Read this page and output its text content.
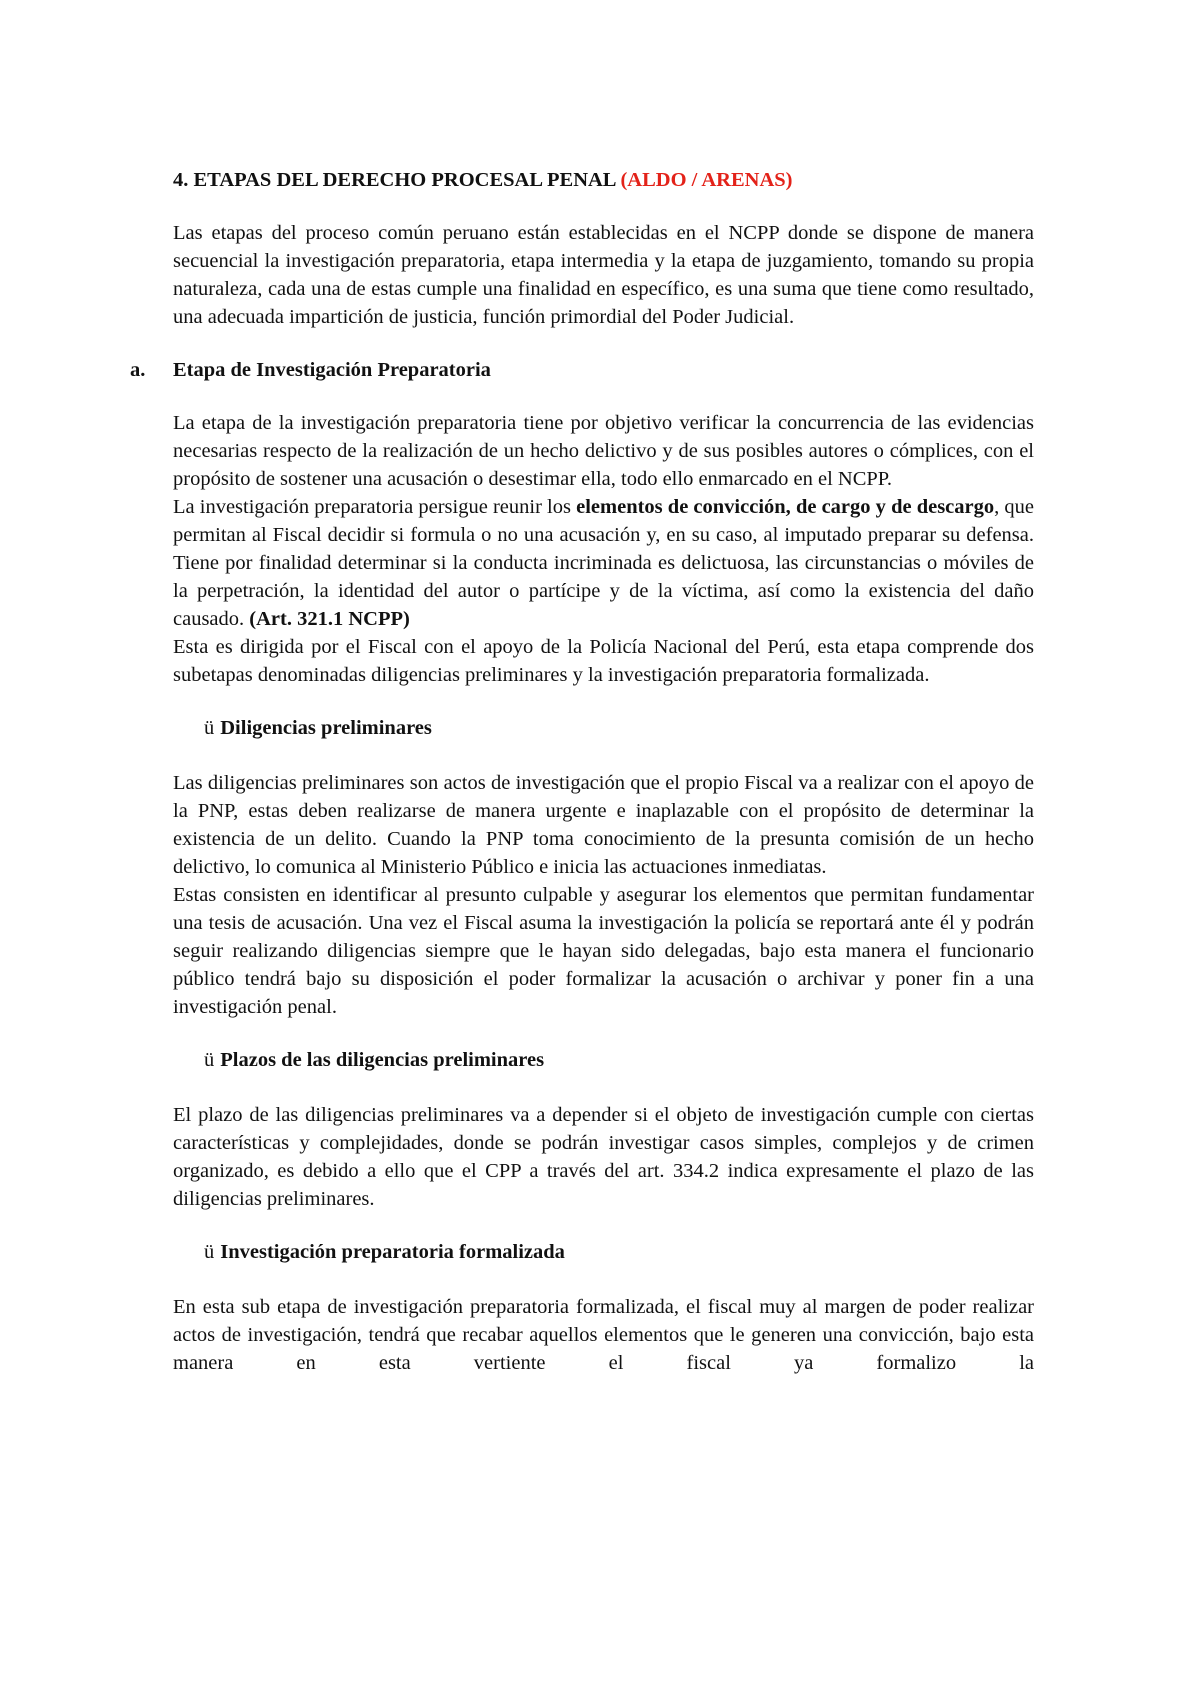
4. ETAPAS DEL DERECHO PROCESAL PENAL (ALDO / ARENAS)

Las etapas del proceso común peruano están establecidas en el NCPP donde se dispone de manera secuencial la investigación preparatoria, etapa intermedia y la etapa de juzgamiento, tomando su propia naturaleza, cada una de estas cumple una finalidad en específico, es una suma que tiene como resultado, una adecuada impartición de justicia, función primordial del Poder Judicial.

a. Etapa de Investigación Preparatoria

La etapa de la investigación preparatoria tiene por objetivo verificar la concurrencia de las evidencias necesarias respecto de la realización de un hecho delictivo y de sus posibles autores o cómplices, con el propósito de sostener una acusación o desestimar ella, todo ello enmarcado en el NCPP.

La investigación preparatoria persigue reunir los elementos de convicción, de cargo y de descargo, que permitan al Fiscal decidir si formula o no una acusación y, en su caso, al imputado preparar su defensa. Tiene por finalidad determinar si la conducta incriminada es delictuosa, las circunstancias o móviles de la perpetración, la identidad del autor o partícipe y de la víctima, así como la existencia del daño causado. (Art. 321.1 NCPP)

Esta es dirigida por el Fiscal con el apoyo de la Policía Nacional del Perú, esta etapa comprende dos subetapas denominadas diligencias preliminares y la investigación preparatoria formalizada.

ü Diligencias preliminares

Las diligencias preliminares son actos de investigación que el propio Fiscal va a realizar con el apoyo de la PNP, estas deben realizarse de manera urgente e inaplazable con el propósito de determinar la existencia de un delito. Cuando la PNP toma conocimiento de la presunta comisión de un hecho delictivo, lo comunica al Ministerio Público e inicia las actuaciones inmediatas.

Estas consisten en identificar al presunto culpable y asegurar los elementos que permitan fundamentar una tesis de acusación. Una vez el Fiscal asuma la investigación la policía se reportará ante él y podrán seguir realizando diligencias siempre que le hayan sido delegadas, bajo esta manera el funcionario público tendrá bajo su disposición el poder formalizar la acusación o archivar y poner fin a una investigación penal.

ü Plazos de las diligencias preliminares

El plazo de las diligencias preliminares va a depender si el objeto de investigación cumple con ciertas características y complejidades, donde se podrán investigar casos simples, complejos y de crimen organizado, es debido a ello que el CPP a través del art. 334.2 indica expresamente el plazo de las diligencias preliminares.

ü Investigación preparatoria formalizada

En esta sub etapa de investigación preparatoria formalizada, el fiscal muy al margen de poder realizar actos de investigación, tendrá que recabar aquellos elementos que le generen una convicción, bajo esta manera en esta vertiente el fiscal ya formalizo la
